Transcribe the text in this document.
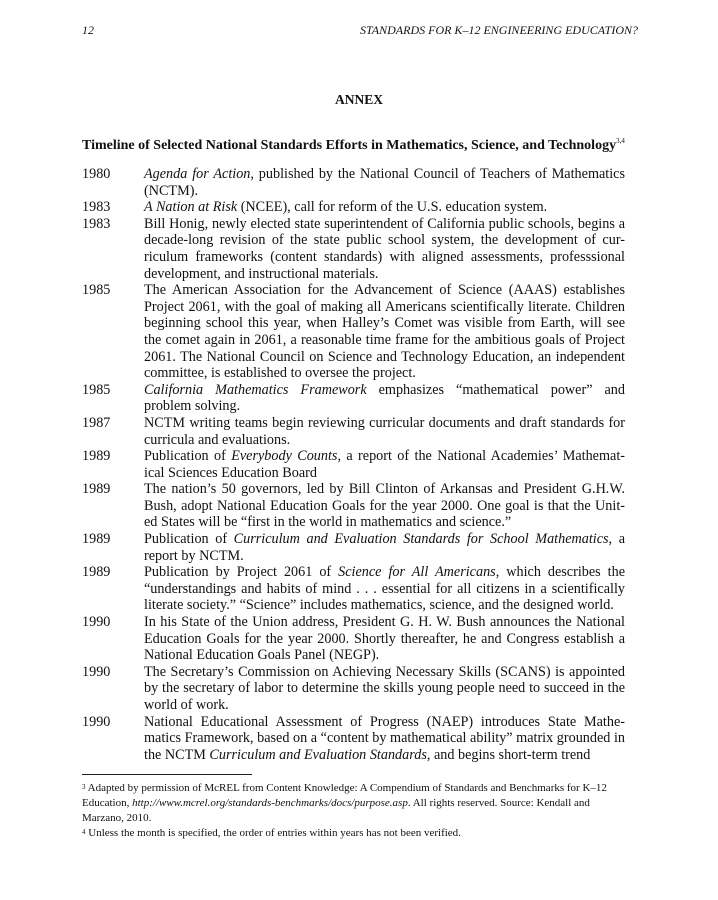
12	STANDARDS FOR K–12 ENGINEERING EDUCATION?
ANNEX
Timeline of Selected National Standards Efforts in Mathematics, Science, and Technology$^{3,4}$
1980	Agenda for Action, published by the National Council of Teachers of Mathematics (NCTM).
1983	A Nation at Risk (NCEE), call for reform of the U.S. education system.
1983	Bill Honig, newly elected state superintendent of California public schools, begins a decade-long revision of the state public school system, the development of cur-riculum frameworks (content standards) with aligned assessments, professsional development, and instructional materials.
1985	The American Association for the Advancement of Science (AAAS) establishes Project 2061, with the goal of making all Americans scientifically literate. Children beginning school this year, when Halley’s Comet was visible from Earth, will see the comet again in 2061, a reasonable time frame for the ambitious goals of Project 2061. The National Council on Science and Technology Education, an independent committee, is established to oversee the project.
1985	California Mathematics Framework emphasizes “mathematical power” and problem solving.
1987	NCTM writing teams begin reviewing curricular documents and draft standards for curricula and evaluations.
1989	Publication of Everybody Counts, a report of the National Academies’ Mathemat-ical Sciences Education Board
1989	The nation’s 50 governors, led by Bill Clinton of Arkansas and President G.H.W. Bush, adopt National Education Goals for the year 2000. One goal is that the Unit-ed States will be “first in the world in mathematics and science.”
1989	Publication of Curriculum and Evaluation Standards for School Mathematics, a report by NCTM.
1989	Publication by Project 2061 of Science for All Americans, which describes the “understandings and habits of mind . . . essential for all citizens in a scientifically literate society.” “Science” includes mathematics, science, and the designed world.
1990	In his State of the Union address, President G. H. W. Bush announces the National Education Goals for the year 2000. Shortly thereafter, he and Congress establish a National Education Goals Panel (NEGP).
1990	The Secretary’s Commission on Achieving Necessary Skills (SCANS) is appointed by the secretary of labor to determine the skills young people need to succeed in the world of work.
1990	National Educational Assessment of Progress (NAEP) introduces State Mathe-matics Framework, based on a “content by mathematical ability” matrix grounded in the NCTM Curriculum and Evaluation Standards, and begins short-term trend
$^3$ Adapted by permission of McREL from Content Knowledge: A Compendium of Standards and Benchmarks for K–12 Education, http://www.mcrel.org/standards-benchmarks/docs/purpose.asp. All rights reserved. Source: Kendall and Marzano, 2010.
$^4$ Unless the month is specified, the order of entries within years has not been verified.
